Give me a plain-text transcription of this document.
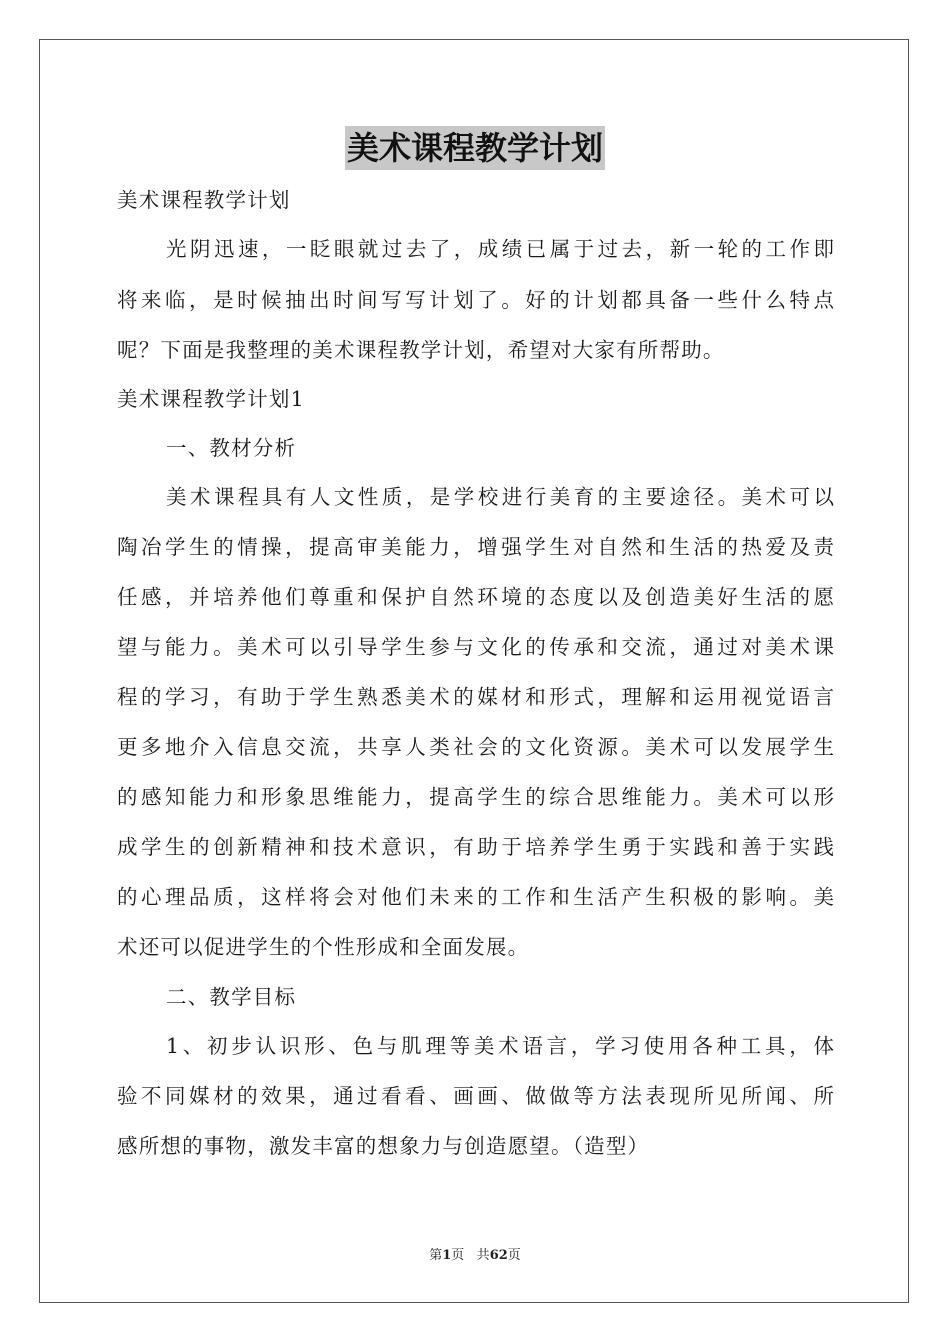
美术课程教学计划
美术课程教学计划
光阴迅速，一眨眼就过去了，成绩已属于过去，新一轮的工作即
将来临，是时候抽出时间写写计划了。好的计划都具备一些什么特点
呢？下面是我整理的美术课程教学计划，希望对大家有所帮助。
美术课程教学计划1
一、教材分析
美术课程具有人文性质，是学校进行美育的主要途径。美术可以
陶冶学生的情操，提高审美能力，增强学生对自然和生活的热爱及责
任感，并培养他们尊重和保护自然环境的态度以及创造美好生活的愿
望与能力。美术可以引导学生参与文化的传承和交流，通过对美术课
程的学习，有助于学生熟悉美术的媒材和形式，理解和运用视觉语言
更多地介入信息交流，共享人类社会的文化资源。美术可以发展学生
的感知能力和形象思维能力，提高学生的综合思维能力。美术可以形
成学生的创新精神和技术意识，有助于培养学生勇于实践和善于实践
的心理品质，这样将会对他们未来的工作和生活产生积极的影响。美
术还可以促进学生的个性形成和全面发展。
二、教学目标
1、初步认识形、色与肌理等美术语言，学习使用各种工具，体
验不同媒材的效果，通过看看、画画、做做等方法表现所见所闻、所
感所想的事物，激发丰富的想象力与创造愿望。（造型）
第1页 共62页
